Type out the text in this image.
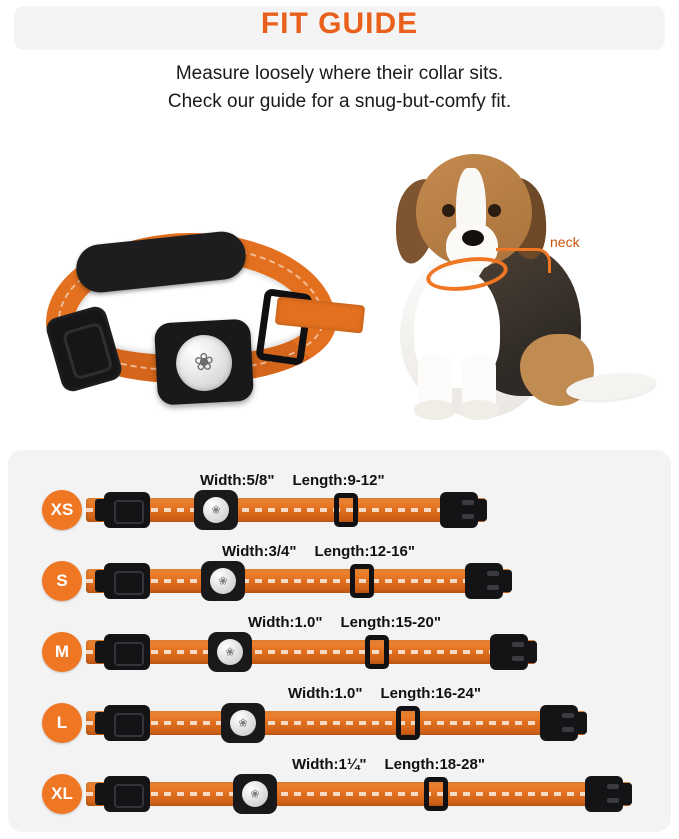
FIT GUIDE
Measure loosely where their collar sits.
Check our guide for a snug-but-comfy fit.
❀
neck
XS
Width:5/8" Length:9-12"
❀
S
Width:3/4" Length:12-16"
❀
M
Width:1.0" Length:15-20"
❀
L
Width:1.0" Length:16-24"
❀
XL
Width:1¼" Length:18-28"
❀
